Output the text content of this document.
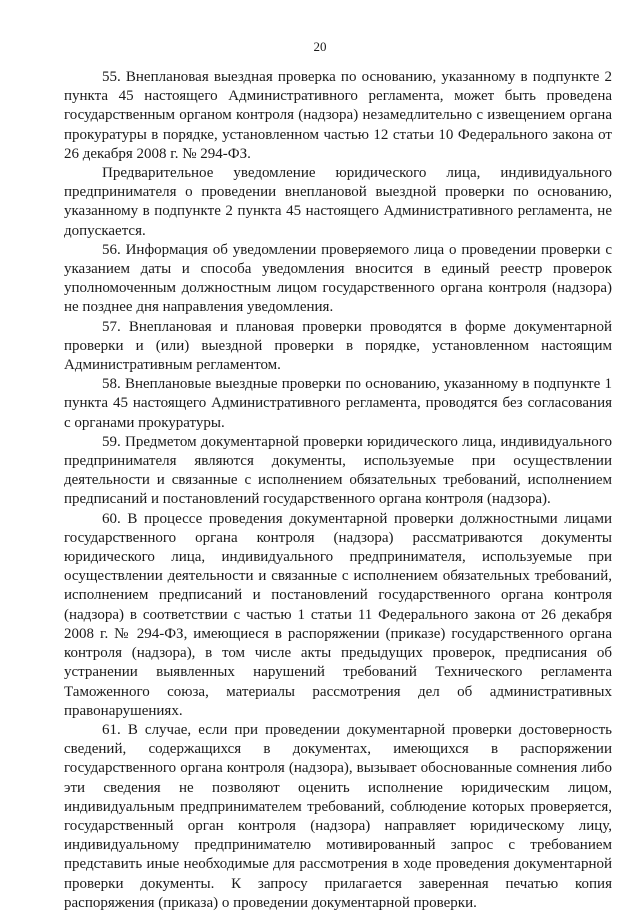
20

55. Внеплановая выездная проверка по основанию, указанному в подпункте 2 пункта 45 настоящего Административного регламента, может быть проведена государственным органом контроля (надзора) незамедлительно с извещением органа прокуратуры в порядке, установленном частью 12 статьи 10 Федерального закона от 26 декабря 2008 г. № 294-ФЗ.

Предварительное уведомление юридического лица, индивидуального предпринимателя о проведении внеплановой выездной проверки по основанию, указанному в подпункте 2 пункта 45 настоящего Административного регламента, не допускается.

56. Информация об уведомлении проверяемого лица о проведении проверки с указанием даты и способа уведомления вносится в единый реестр проверок уполномоченным должностным лицом государственного органа контроля (надзора) не позднее дня направления уведомления.

57. Внеплановая и плановая проверки проводятся в форме документарной проверки и (или) выездной проверки в порядке, установленном настоящим Административным регламентом.

58. Внеплановые выездные проверки по основанию, указанному в подпункте 1 пункта 45 настоящего Административного регламента, проводятся без согласования с органами прокуратуры.

59. Предметом документарной проверки юридического лица, индивидуального предпринимателя являются документы, используемые при осуществлении деятельности и связанные с исполнением обязательных требований, исполнением предписаний и постановлений государственного органа контроля (надзора).

60. В процессе проведения документарной проверки должностными лицами государственного органа контроля (надзора) рассматриваются документы юридического лица, индивидуального предпринимателя, используемые при осуществлении деятельности и связанные с исполнением обязательных требований, исполнением предписаний и постановлений государственного органа контроля (надзора) в соответствии с частью 1 статьи 11 Федерального закона от 26 декабря 2008 г. № 294-ФЗ, имеющиеся в распоряжении (приказе) государственного органа контроля (надзора), в том числе акты предыдущих проверок, предписания об устранении выявленных нарушений требований Технического регламента Таможенного союза, материалы рассмотрения дел об административных правонарушениях.

61. В случае, если при проведении документарной проверки достоверность сведений, содержащихся в документах, имеющихся в распоряжении государственного органа контроля (надзора), вызывает обоснованные сомнения либо эти сведения не позволяют оценить исполнение юридическим лицом, индивидуальным предпринимателем требований, соблюдение которых проверяется, государственный орган контроля (надзора) направляет юридическому лицу, индивидуальному предпринимателю мотивированный запрос с требованием представить иные необходимые для рассмотрения в ходе проведения документарной проверки документы. К запросу прилагается заверенная печатью копия распоряжения (приказа) о проведении документарной проверки.
